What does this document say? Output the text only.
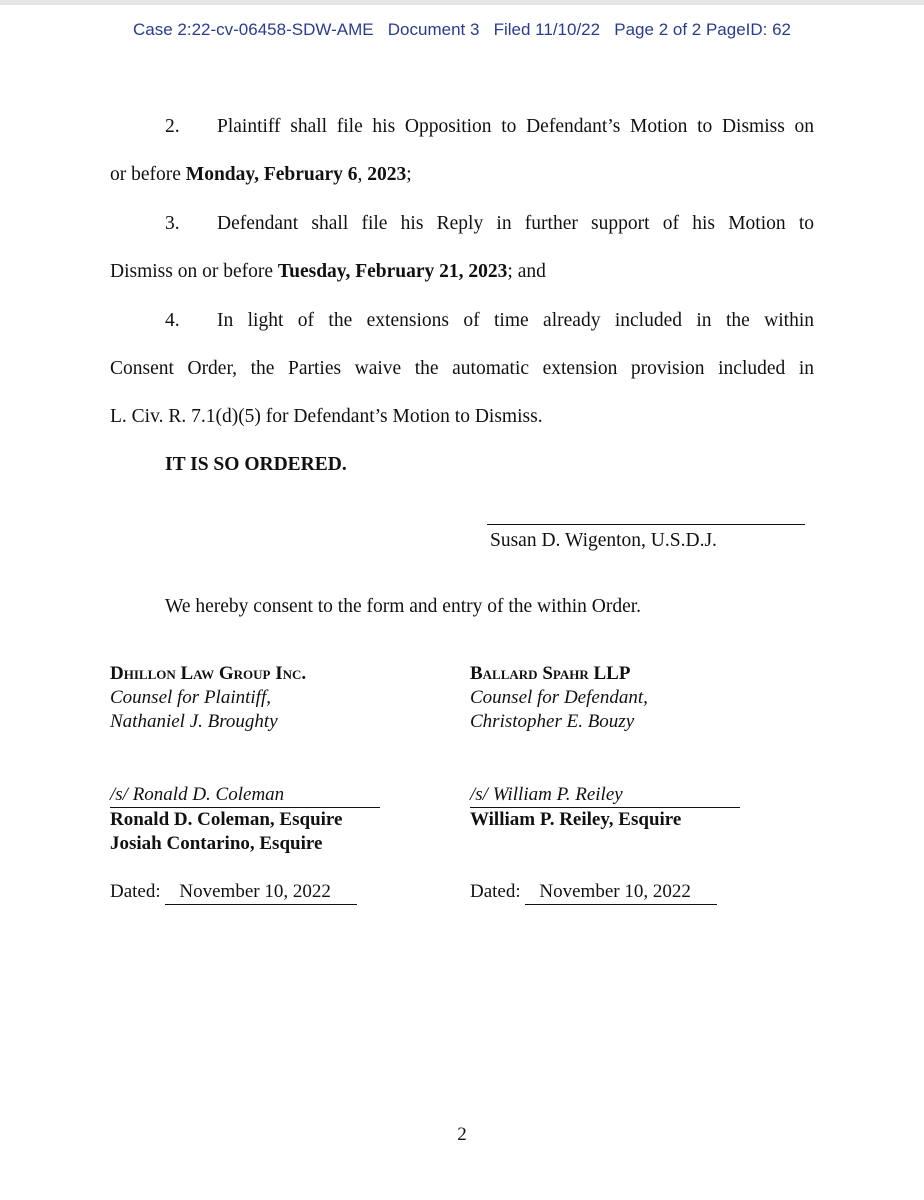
Case 2:22-cv-06458-SDW-AME Document 3 Filed 11/10/22 Page 2 of 2 PageID: 62
2. Plaintiff shall file his Opposition to Defendant’s Motion to Dismiss on
or before Monday, February 6, 2023;
3. Defendant shall file his Reply in further support of his Motion to
Dismiss on or before Tuesday, February 21, 2023; and
4. In light of the extensions of time already included in the within
Consent Order, the Parties waive the automatic extension provision included in
L. Civ. R. 7.1(d)(5) for Defendant’s Motion to Dismiss.
IT IS SO ORDERED.
Susan D. Wigenton, U.S.D.J.
We hereby consent to the form and entry of the within Order.
Dhillon Law Group Inc.
Counsel for Plaintiff,
Nathaniel J. Broughty
Ballard Spahr LLP
Counsel for Defendant,
Christopher E. Bouzy
/s/ Ronald D. Coleman
Ronald D. Coleman, Esquire
Josiah Contarino, Esquire
/s/ William P. Reiley
William P. Reiley, Esquire
Dated: November 10, 2022	Dated: November 10, 2022
2
